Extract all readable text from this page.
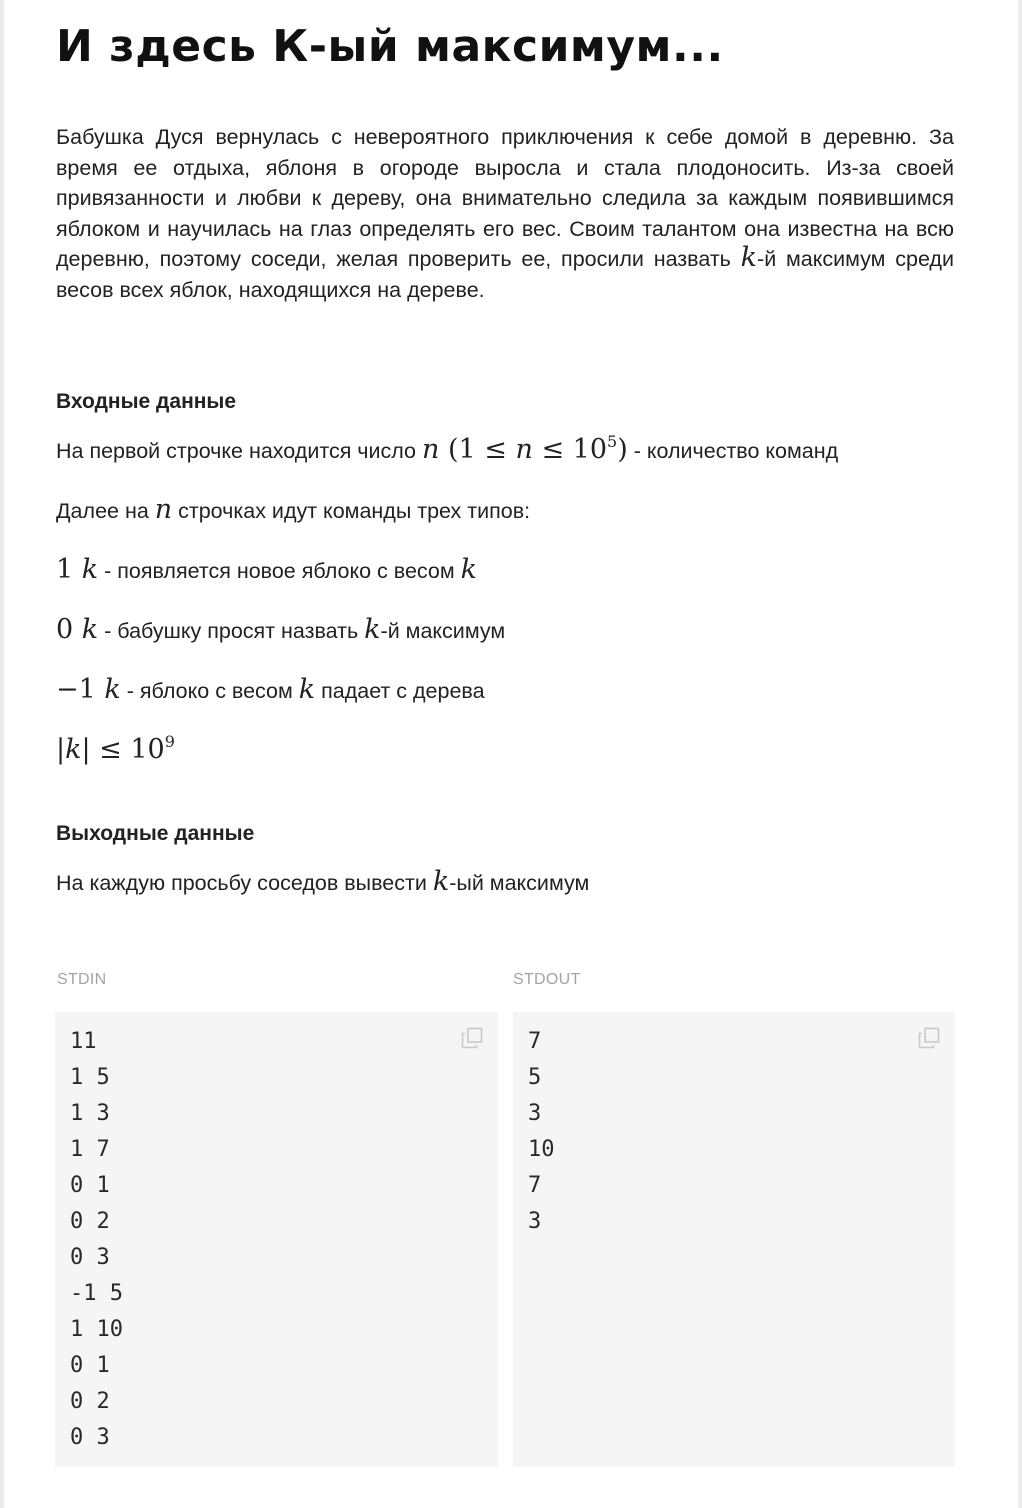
И здесь К-ый максимум...

Бабушка Дуся вернулась с невероятного приключения к себе домой в деревню. За время ее отдыха, яблоня в огороде выросла и стала плодоносить. Из-за своей привязанности и любви к дереву, она внимательно следила за каждым появившимся яблоком и научилась на глаз определять его вес. Своим талантом она известна на всю деревню, поэтому соседи, желая проверить ее, просили назвать k-й максимум среди весов всех яблок, находящихся на дереве.

Входные данные

На первой строчке находится число n $(1 \le n \le 10^5)$ - количество команд

Далее на n строчках идут команды трех типов:

1 k - появляется новое яблоко с весом k

0 k - бабушку просят назвать k-й максимум

−1 k - яблоко с весом k падает с дерева

$|k| \le 10^9$

Выходные данные

На каждую просьбу соседов вывести k-ый максимум

STDIN	STDOUT
11
1 5
1 3
1 7
0 1
0 2
0 3
-1 5
1 10
0 1
0 2
0 3
7
5
3
10
7
3
